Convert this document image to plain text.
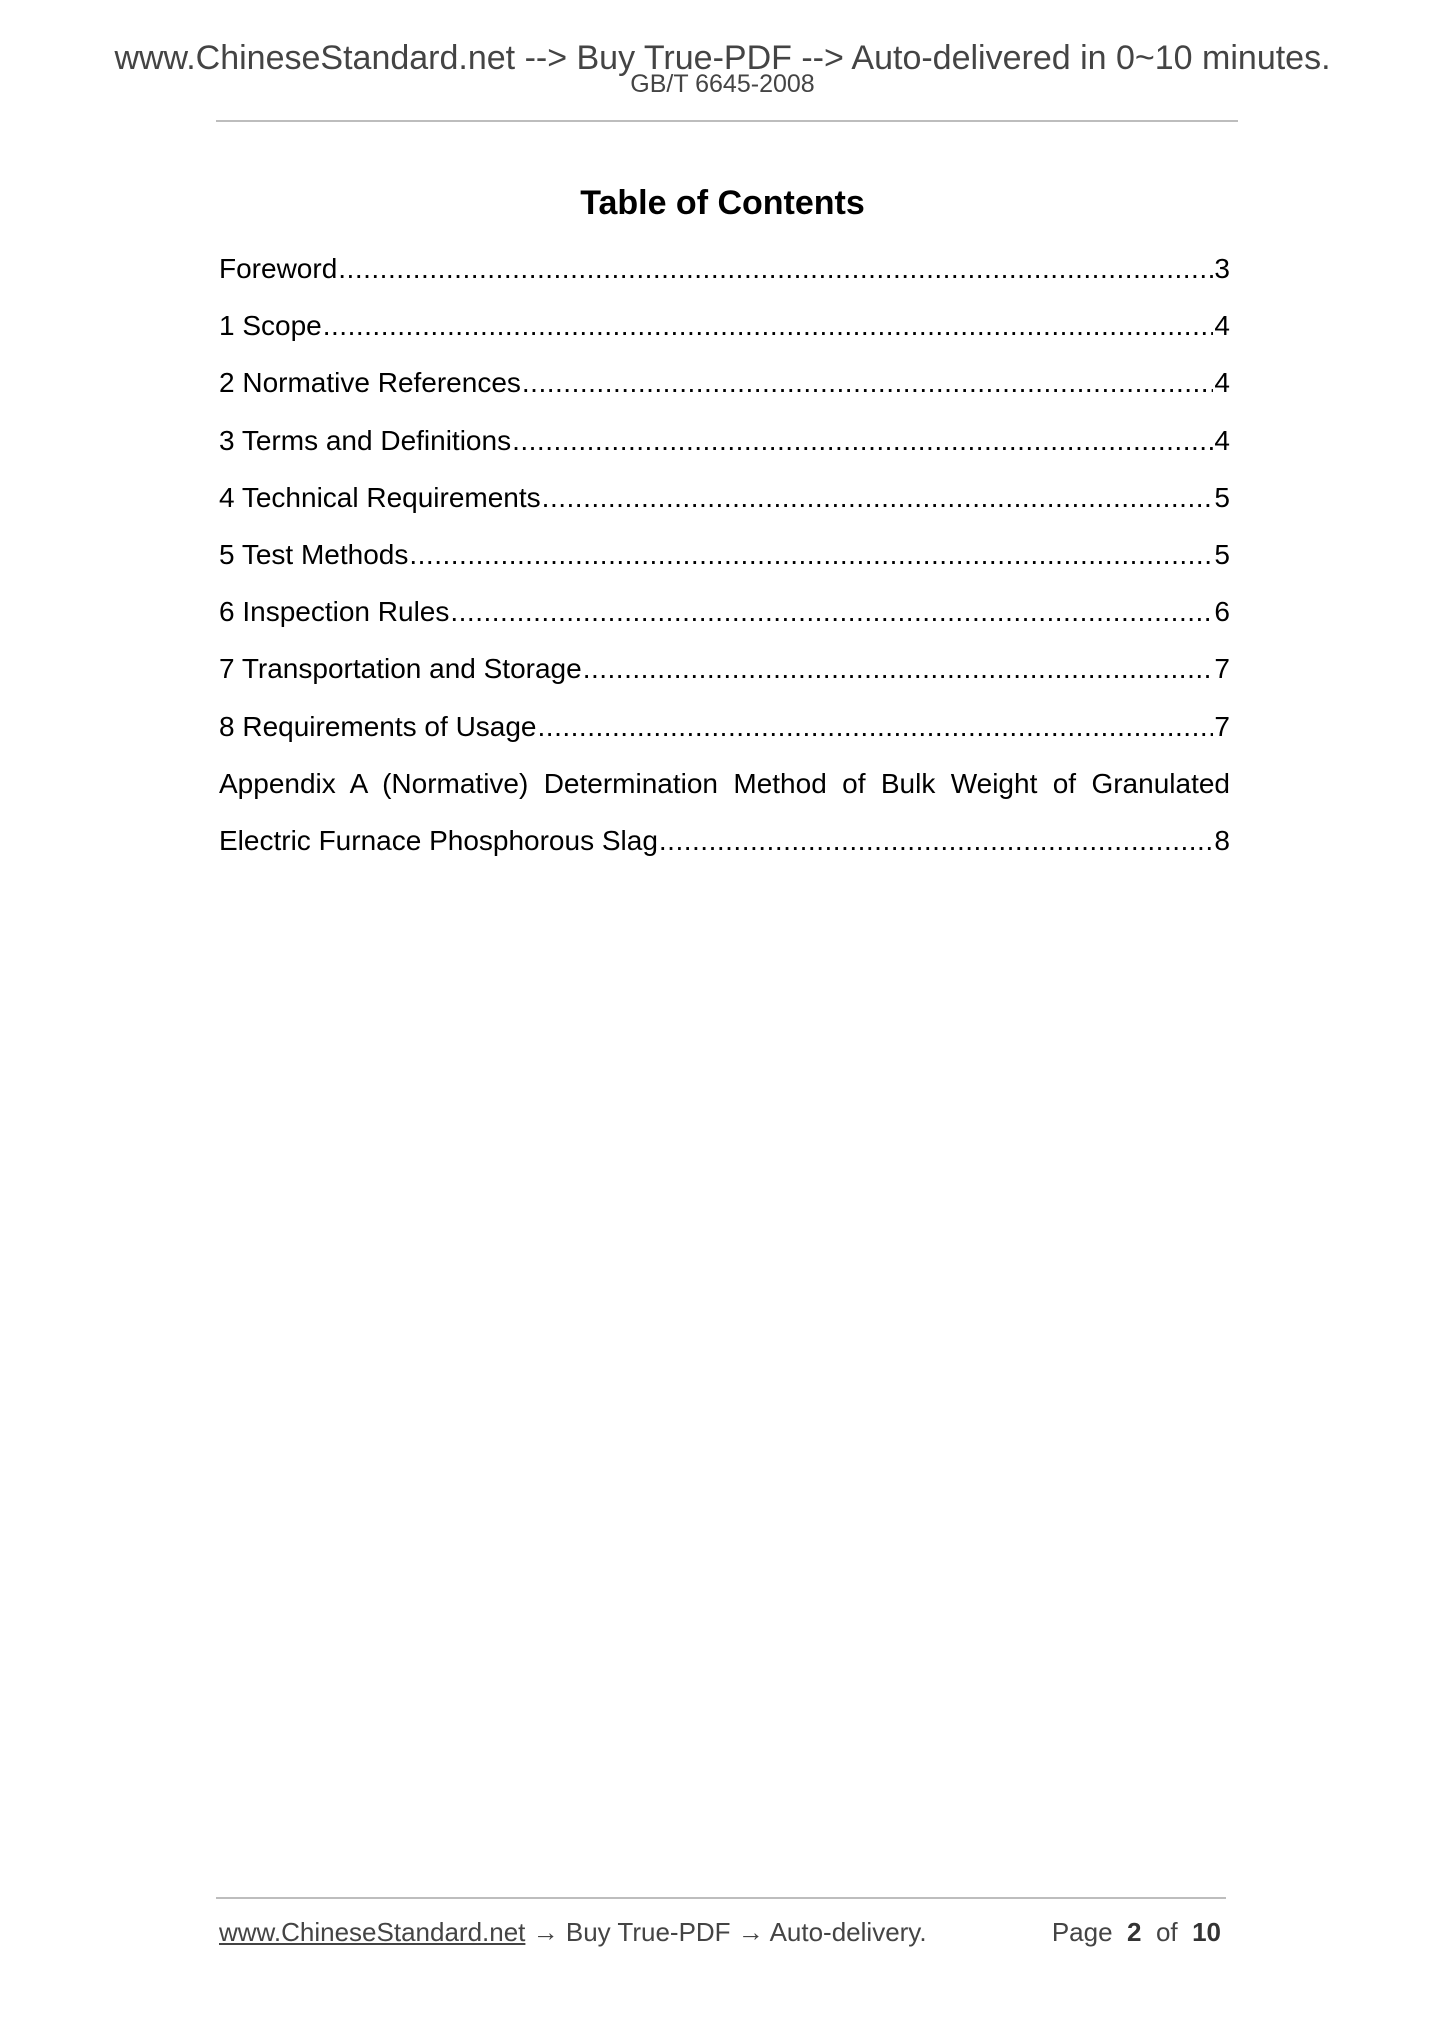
www.ChineseStandard.net --> Buy True-PDF --> Auto-delivered in 0~10 minutes.
GB/T 6645-2008
Table of Contents
Foreword .....	3
1 Scope .....	4
2 Normative References .....	4
3 Terms and Definitions .....	4
4 Technical Requirements .....	5
5 Test Methods .....	5
6 Inspection Rules .....	6
7 Transportation and Storage .....	7
8 Requirements of Usage .....	7
Appendix A (Normative) Determination Method of Bulk Weight of Granulated
Electric Furnace Phosphorous Slag .....	8
www.ChineseStandard.net → Buy True-PDF → Auto-delivery.	Page 2 of 10
